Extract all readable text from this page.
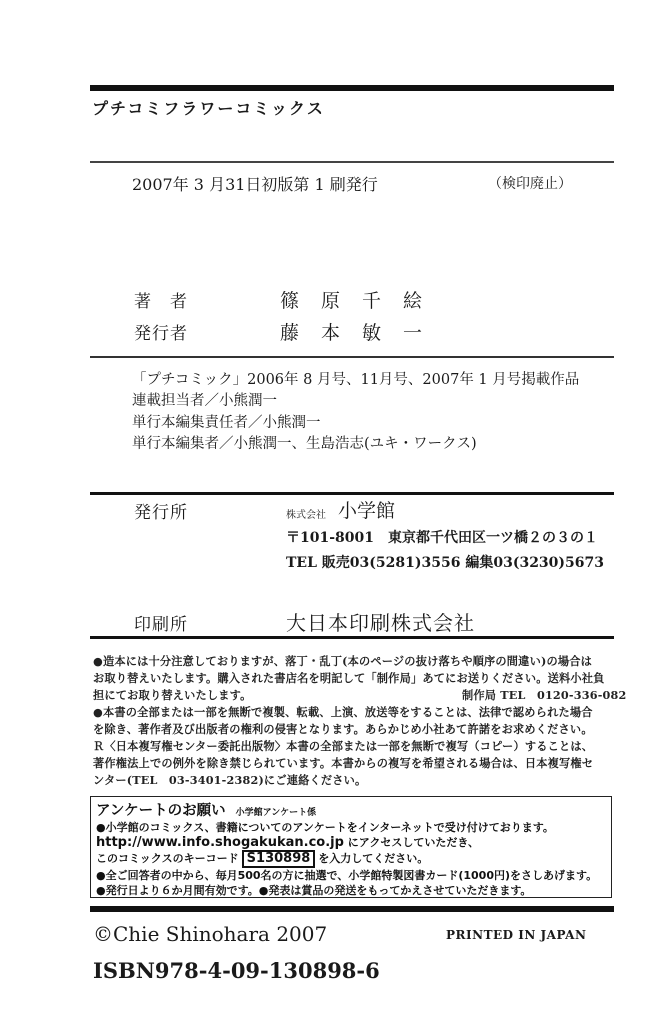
プチコミフラワーコミックス
2007年 3 月31日初版第 1 刷発行	（検印廃止）
著　者	篠原千絵
発行者	藤本敏一
「プチコミック」2006年 8 月号、11月号、2007年 1 月号掲載作品
連載担当者／小熊潤一
単行本編集責任者／小熊潤一
単行本編集者／小熊潤一、生島浩志(ユキ・ワークス)
発行所	株式会社 小学館
〒101-8001　東京都千代田区一ツ橋２の３の１
TEL 販売03(5281)3556 編集03(3230)5673
印刷所	大日本印刷株式会社
●造本には十分注意しておりますが、落丁・乱丁(本のページの抜け落ちや順序の間違い)の場合は
お取り替えいたします。購入された書店名を明記して「制作局」あてにお送りください。送料小社負
担にてお取り替えいたします。	制作局 TEL　0120-336-082
●本書の全部または一部を無断で複製、転載、上演、放送等をすることは、法律で認められた場合
を除き、著作者及び出版者の権利の侵害となります。あらかじめ小社あて許諾をお求めください。
Ｒ〈日本複写権センター委託出版物〉本書の全部または一部を無断で複写（コピー）することは、
著作権法上での例外を除き禁じられています。本書からの複写を希望される場合は、日本複写権セ
ンター(TEL　03-3401-2382)にご連絡ください。
アンケートのお願い 小学館アンケート係
●小学館のコミックス、書籍についてのアンケートをインターネットで受け付けております。
http://www.info.shogakukan.co.jp にアクセスしていただき、
このコミックスのキーコード S130898 を入力してください。
●全ご回答者の中から、毎月500名の方に抽選で、小学館特製図書カード(1000円)をさしあげます。
●発行日より６か月間有効です。●発表は賞品の発送をもってかえさせていただきます。
©Chie Shinohara 2007	PRINTED IN JAPAN
ISBN978-4-09-130898-6
